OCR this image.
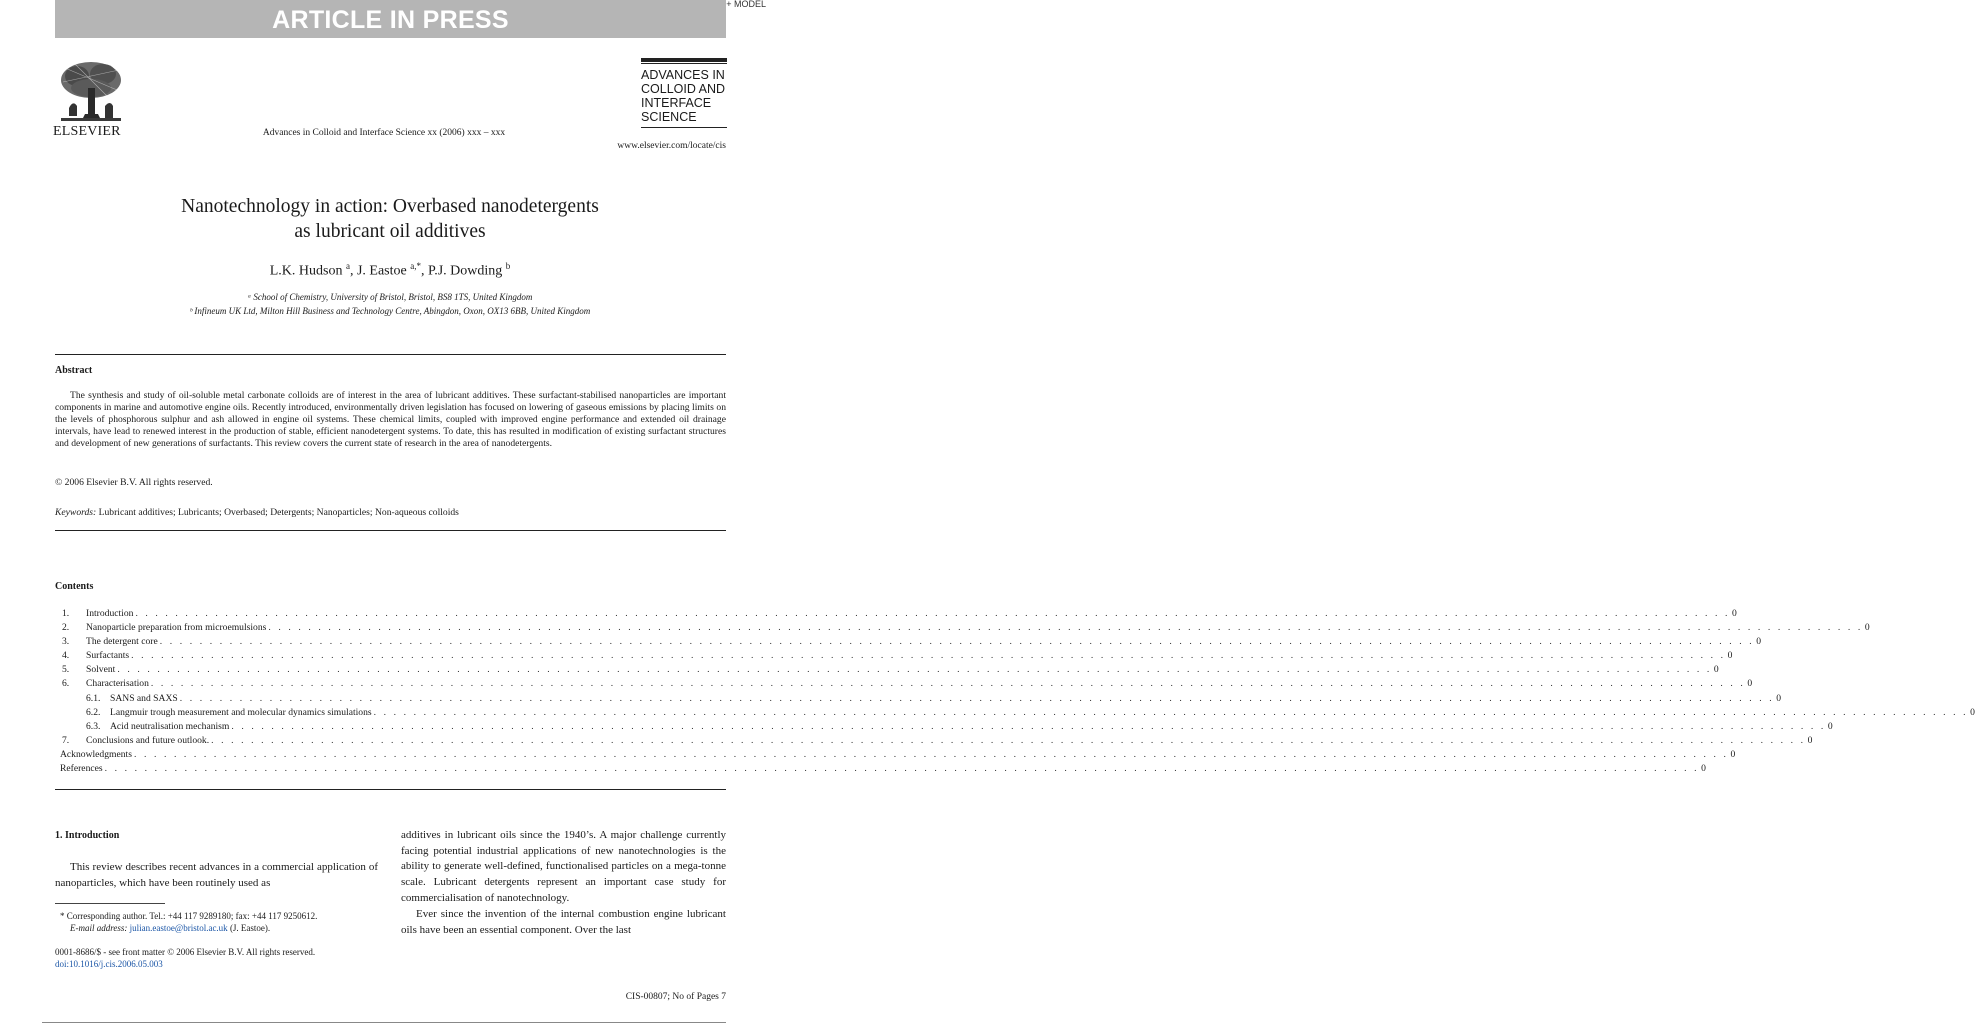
ARTICLE IN PRESS
+ MODEL
ELSEVIER	Advances in Colloid and Interface Science xx (2006) xxx – xxx
ADVANCES IN
COLLOID AND
INTERFACE
SCIENCE
www.elsevier.com/locate/cis
Nanotechnology in action: Overbased nanodetergents
as lubricant oil additives
L.K. Hudson $^a$, J. Eastoe $^{a,*}$, P.J. Dowding $^b$
ᵃ School of Chemistry, University of Bristol, Bristol, BS8 1TS, United Kingdom
ᵇ Infineum UK Ltd, Milton Hill Business and Technology Centre, Abingdon, Oxon, OX13 6BB, United Kingdom
Abstract
The synthesis and study of oil-soluble metal carbonate colloids are of interest in the area of lubricant additives. These surfactant-stabilised nanoparticles are important components in marine and automotive engine oils. Recently introduced, environmentally driven legislation has focused on lowering of gaseous emissions by placing limits on the levels of phosphorous sulphur and ash allowed in engine oil systems. These chemical limits, coupled with improved engine performance and extended oil drainage intervals, have lead to renewed interest in the production of stable, efficient nanodetergent systems. To date, this has resulted in modification of existing surfactant structures and development of new generations of surfactants. This review covers the current state of research in the area of nanodetergents.
© 2006 Elsevier B.V. All rights reserved.
Keywords: Lubricant additives; Lubricants; Overbased; Detergents; Nanoparticles; Non-aqueous colloids
Contents
1.	Introduction . . . . . . . . . . . . . . . . . . . . . . . . . . . . . . . . . . . . . . . . . . . . . . . . . . . . . . . . . . . . . . . . . . . . . . . . . . . . . . . . . . . . . . . . . . . . . . . . . . . . . . . . . . . . . . . . . . . . . . . . . . . . . . . . . . . . . . . . . . . . . . . . . . . . . . . . . . . . . . . . 0
2.	Nanoparticle preparation from microemulsions . . . . . . . . . . . . . . . . . . . . . . . . . . . . . . . . . . . . . . . . . . . . . . . . . . . . . . . . . . . . . . . . . . . . . . . . . . . . . . . . . . . . . . . . . . . . . . . . . . . . . . . . . . . . . . . . . . . . . . . . . . . . . . . . . . . . . . . . . . . . . . . . . . . . . . . . . . . . . . . . 0
3.	The detergent core . . . . . . . . . . . . . . . . . . . . . . . . . . . . . . . . . . . . . . . . . . . . . . . . . . . . . . . . . . . . . . . . . . . . . . . . . . . . . . . . . . . . . . . . . . . . . . . . . . . . . . . . . . . . . . . . . . . . . . . . . . . . . . . . . . . . . . . . . . . . . . . . . . . . . . . . . . . . . . . . 0
4.	Surfactants . . . . . . . . . . . . . . . . . . . . . . . . . . . . . . . . . . . . . . . . . . . . . . . . . . . . . . . . . . . . . . . . . . . . . . . . . . . . . . . . . . . . . . . . . . . . . . . . . . . . . . . . . . . . . . . . . . . . . . . . . . . . . . . . . . . . . . . . . . . . . . . . . . . . . . . . . . . . . . . . 0
5.	Solvent . . . . . . . . . . . . . . . . . . . . . . . . . . . . . . . . . . . . . . . . . . . . . . . . . . . . . . . . . . . . . . . . . . . . . . . . . . . . . . . . . . . . . . . . . . . . . . . . . . . . . . . . . . . . . . . . . . . . . . . . . . . . . . . . . . . . . . . . . . . . . . . . . . . . . . . . . . . . . . . . 0
6.	Characterisation . . . . . . . . . . . . . . . . . . . . . . . . . . . . . . . . . . . . . . . . . . . . . . . . . . . . . . . . . . . . . . . . . . . . . . . . . . . . . . . . . . . . . . . . . . . . . . . . . . . . . . . . . . . . . . . . . . . . . . . . . . . . . . . . . . . . . . . . . . . . . . . . . . . . . . . . . . . . . . . . 0
6.1.	SANS and SAXS . . . . . . . . . . . . . . . . . . . . . . . . . . . . . . . . . . . . . . . . . . . . . . . . . . . . . . . . . . . . . . . . . . . . . . . . . . . . . . . . . . . . . . . . . . . . . . . . . . . . . . . . . . . . . . . . . . . . . . . . . . . . . . . . . . . . . . . . . . . . . . . . . . . . . . . . . . . . . . . . 0
6.2.	Langmuir trough measurement and molecular dynamics simulations . . . . . . . . . . . . . . . . . . . . . . . . . . . . . . . . . . . . . . . . . . . . . . . . . . . . . . . . . . . . . . . . . . . . . . . . . . . . . . . . . . . . . . . . . . . . . . . . . . . . . . . . . . . . . . . . . . . . . . . . . . . . . . . . . . . . . . . . . . . . . . . . . . . . . . . . . . . . . . . . 0
6.3.	Acid neutralisation mechanism . . . . . . . . . . . . . . . . . . . . . . . . . . . . . . . . . . . . . . . . . . . . . . . . . . . . . . . . . . . . . . . . . . . . . . . . . . . . . . . . . . . . . . . . . . . . . . . . . . . . . . . . . . . . . . . . . . . . . . . . . . . . . . . . . . . . . . . . . . . . . . . . . . . . . . . . . . . . . . . . 0
7.	Conclusions and future outlook. . . . . . . . . . . . . . . . . . . . . . . . . . . . . . . . . . . . . . . . . . . . . . . . . . . . . . . . . . . . . . . . . . . . . . . . . . . . . . . . . . . . . . . . . . . . . . . . . . . . . . . . . . . . . . . . . . . . . . . . . . . . . . . . . . . . . . . . . . . . . . . . . . . . . . . . . . . . . . . . . 0
Acknowledgments . . . . . . . . . . . . . . . . . . . . . . . . . . . . . . . . . . . . . . . . . . . . . . . . . . . . . . . . . . . . . . . . . . . . . . . . . . . . . . . . . . . . . . . . . . . . . . . . . . . . . . . . . . . . . . . . . . . . . . . . . . . . . . . . . . . . . . . . . . . . . . . . . . . . . . . . . . . . . . . . 0
References . . . . . . . . . . . . . . . . . . . . . . . . . . . . . . . . . . . . . . . . . . . . . . . . . . . . . . . . . . . . . . . . . . . . . . . . . . . . . . . . . . . . . . . . . . . . . . . . . . . . . . . . . . . . . . . . . . . . . . . . . . . . . . . . . . . . . . . . . . . . . . . . . . . . . . . . . . . . . . . . 0
1. Introduction
This review describes recent advances in a commercial application of nanoparticles, which have been routinely used as
additives in lubricant oils since the 1940’s. A major challenge currently facing potential industrial applications of new nanotechnologies is the ability to generate well-defined, functionalised particles on a mega-tonne scale. Lubricant detergents represent an important case study for commercialisation of nanotechnology.
Ever since the invention of the internal combustion engine lubricant oils have been an essential component. Over the last
* Corresponding author. Tel.: +44 117 9289180; fax: +44 117 9250612.
E-mail address: julian.eastoe@bristol.ac.uk (J. Eastoe).
0001-8686/$ - see front matter © 2006 Elsevier B.V. All rights reserved.
doi:10.1016/j.cis.2006.05.003
CIS-00807; No of Pages 7
